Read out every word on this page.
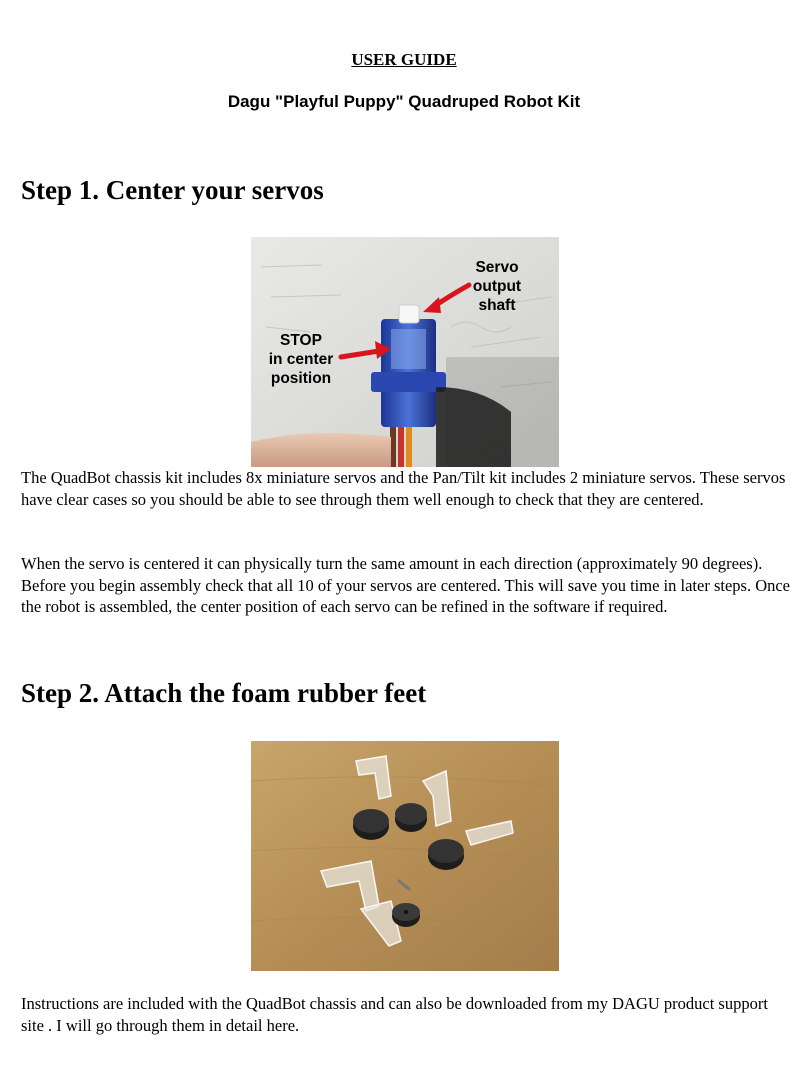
USER GUIDE
Dagu "Playful Puppy" Quadruped Robot Kit
Step 1. Center your servos
Servo
output
shaft
STOP
in center
position
The QuadBot chassis kit includes 8x miniature servos and the Pan/Tilt kit includes 2 miniature servos. These servos have clear cases so you should be able to see through them well enough to check that they are centered.
When the servo is centered it can physically turn the same amount in each direction (approximately 90 degrees). Before you begin assembly check that all 10 of your servos are centered. This will save you time in later steps. Once the robot is assembled, the center position of each servo can be refined in the software if required.
Step 2. Attach the foam rubber feet
Instructions are included with the QuadBot chassis and can also be downloaded from my DAGU product support site . I will go through them in detail here.
